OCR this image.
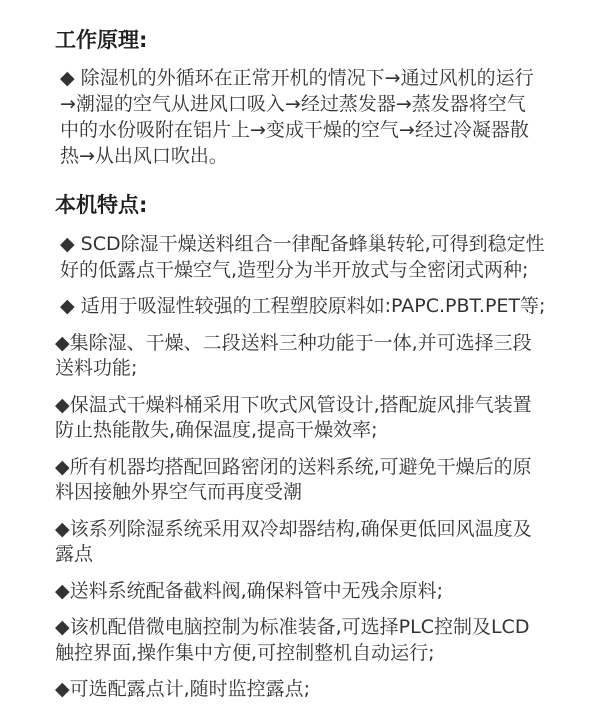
工作原理:

◆ 除湿机的外循环在正常开机的情况下→通过风机的运行
→潮湿的空气从进风口吸入→经过蒸发器→蒸发器将空气
中的水份吸附在铝片上→变成干燥的空气→经过冷凝器散
热→从出风口吹出。

本机特点:

◆ SCD除湿干燥送料组合一律配备蜂巢转轮,可得到稳定性
好的低露点干燥空气,造型分为半开放式与全密闭式两种;

◆ 适用于吸湿性较强的工程塑胶原料如:PAPC.PBT.PET等;

◆集除湿、干燥、二段送料三种功能于一体,并可选择三段
送料功能;

◆保温式干燥料桶采用下吹式风管设计,搭配旋风排气装置
防止热能散失,确保温度,提高干燥效率;

◆所有机器均搭配回路密闭的送料系统,可避免干燥后的原
料因接触外界空气而再度受潮

◆该系列除湿系统采用双冷却器结构,确保更低回风温度及
露点

◆送料系统配备截料阀,确保料管中无残余原料;

◆该机配借微电脑控制为标准装备,可选择PLC控制及LCD
触控界面,操作集中方便,可控制整机自动运行;

◆可选配露点计,随时监控露点;
